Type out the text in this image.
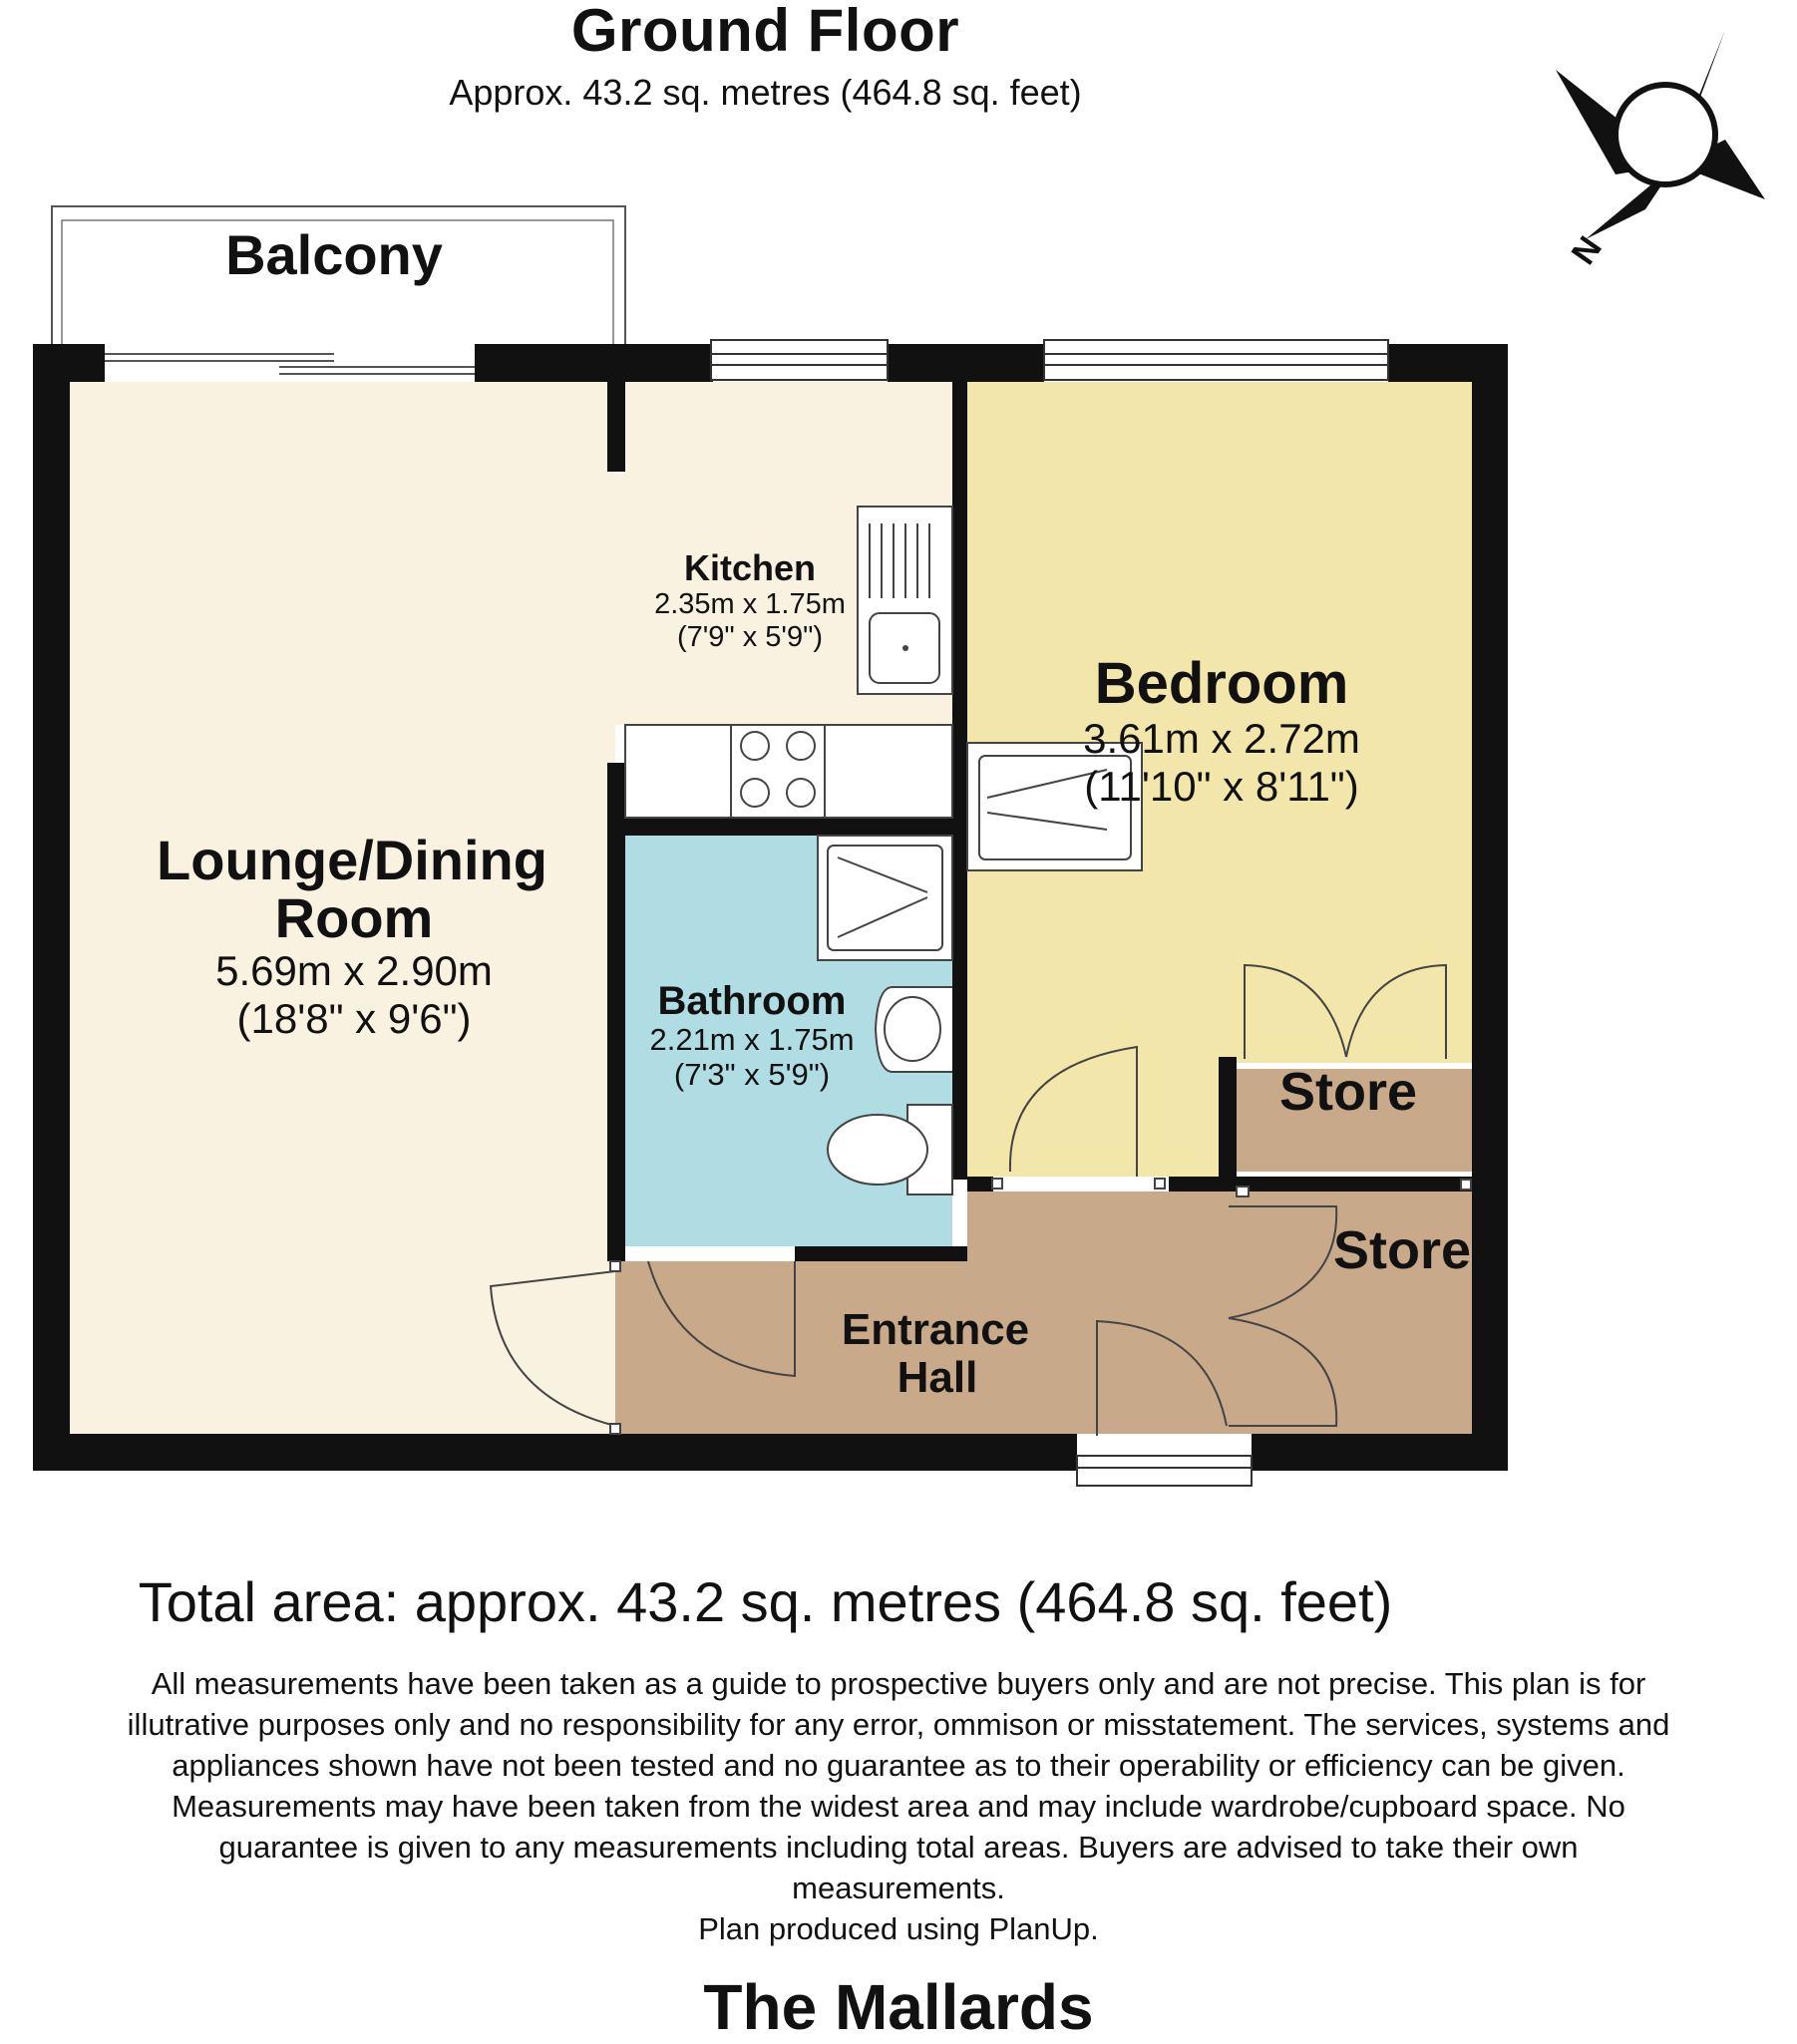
Ground Floor
Approx. 43.2 sq. metres (464.8 sq. feet)
N
Balcony
Lounge/Dining
Room
5.69m x 2.90m
(18'8" x 9'6")
Kitchen
2.35m x 1.75m
(7'9" x 5'9")
Bedroom
3.61m x 2.72m
(11'10" x 8'11")
Bathroom
2.21m x 1.75m
(7'3" x 5'9")	Store
Store
Entrance
Hall
Total area: approx. 43.2 sq. metres (464.8 sq. feet)
All measurements have been taken as a guide to prospective buyers only and are not precise. This plan is for
illutrative purposes only and no responsibility for any error, ommison or misstatement. The services, systems and
appliances shown have not been tested and no guarantee as to their operability or efficiency can be given.
Measurements may have been taken from the widest area and may include wardrobe/cupboard space. No
guarantee is given to any measurements including total areas. Buyers are advised to take their own
measurements.
Plan produced using PlanUp.
The Mallards
